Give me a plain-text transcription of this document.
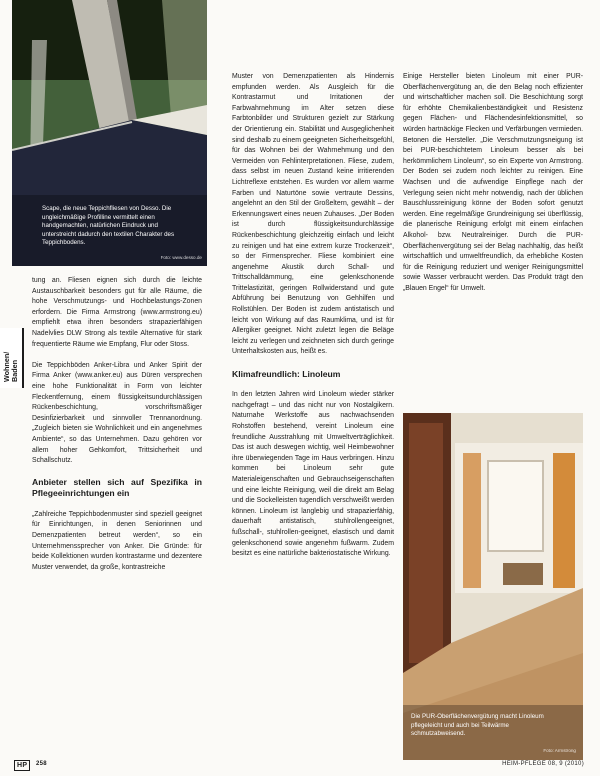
Scape, die neue Teppichfliesen von Desso. Die ungleichmäßige Profilline vermittelt einen handgemachten, natürlichen Eindruck und unterstreicht dadurch den textilen Charakter des Teppichbodens.
Foto: www.desso.de
Wohnen/
Baden

tung an. Fliesen eignen sich durch die leichte Austauschbarkeit besonders gut für alle Räume, die hohe Verschmutzungs- und Hochbelastungs-Zonen erfordern. Die Firma Armstrong (www.armstrong.eu) empfiehlt etwa ihren besonders strapazierfähigen Nadelvlies DLW Strong als textile Alternative für stark frequentierte Räume wie Empfang, Flur oder Stoss.

Die Teppichböden Anker-Libra und Anker Spirit der Firma Anker (www.anker.eu) aus Düren versprechen eine hohe Funktionalität in Form von leichter Fleckentfernung, einem flüssigkeitsundurchlässigen Rückenbeschichtung, vorschriftsmäßiger Desinfizierbarkeit und sinnvoller Trennanordnung. „Zugleich bieten sie Wohnlichkeit und ein angenehmes Ambiente“, so das Unternehmen. Dazu gehören vor allem hoher Gehkomfort, Trittsicherheit und Schallschutz.

Anbieter stellen sich auf Spezifika in Pflegeeinrichtungen ein

„Zahlreiche Teppichbodenmuster sind speziell geeignet für Einrichtungen, in denen Seniorinnen und Demenzpatienten betreut werden“, so ein Unternehmenssprecher von Anker. Die Gründe: für beide Kollektionen wurden kontrastarme und dezentere Muster verwendet, da große, kontrastreiche

Muster von Demenzpatienten als Hindernis empfunden werden. Als Ausgleich für die Kontrastarmut und Irritationen der Farbwahrnehmung im Alter setzen diese Farbtonbilder und Strukturen gezielt zur Stärkung der Orientierung ein. Stabilität und Ausgeglichenheit sind deshalb zu einem geeigneten Sicherheitsgefühl, für das Wohnen bei der Wahrnehmung und den Vermeiden von Fehlinterpretationen. Fliese, zudem, dass selbst im neuen Zustand keine irritierenden Lichtreflexe entstehen. Es wurden vor allem warme Farben und Naturtöne sowie vertraute Dessins, angelehnt an den Stil der Großeltern, gewählt – der Erkennungswert eines neuen Zuhauses. „Der Boden ist durch flüssigkeitsundurchlässige Rückenbeschichtung gleichzeitig einfach und leicht zu reinigen und hat eine extrem kurze Trockenzeit“, so der Firmensprecher. Fliese kombiniert eine angenehme Akustik durch Schall- und Trittschalldämmung, eine gelenkschonende Trittelastizität, geringen Rollwiderstand und gute Abführung bei Benutzung von Gehhilfen und Rollstühlen. Der Boden ist zudem antistatisch und leicht von Wirkung auf das Raumklima, und ist für Allergiker geeignet. Nicht zuletzt legen die Beläge leicht zu verlegen und zeichneten sich durch geringe Unterhaltskosten aus, heißt es.

Klimafreundlich: Linoleum

In den letzten Jahren wird Linoleum wieder stärker nachgefragt – und das nicht nur von Nostalgikern. Naturnahe Werkstoffe aus nachwachsenden Rohstoffen bestehend, vereint Linoleum eine freundliche Ausstrahlung mit Umweltverträglichkeit. Das ist auch deswegen wichtig, weil Heimbewohner ihre überwiegenden Tage im Haus verbringen. Hinzu kommen bei Linoleum sehr gute Materialeigenschaften und Gebrauchseigenschaften und eine leichte Reinigung, weil die direkt am Belag und die Sockelleisten tugendlich verschweißt werden können. Linoleum ist langlebig und strapazierfähig, dauerhaft antistatisch, stuhlrollengeeignet, fußschall-, stuhlrollen-geeignet, elastisch und damit gelenkschonend sowie angenehm fußwarm. Zudem besitzt es eine natürliche bakteriostatische Wirkung.

Einige Hersteller bieten Linoleum mit einer PUR-Oberflächenvergütung an, die den Belag noch effizienter und wirtschaftlicher machen soll. Die Beschichtung sorgt für erhöhte Chemikalienbeständigkeit und Resistenz gegen Flächen- und Flächendesinfektionsmittel, so würden hartnäckige Flecken und Verfärbungen vermieden. Betonen die Hersteller. „Die Verschmutzungsneigung ist bei PUR-beschichtetem Linoleum besser als bei herkömmlichem Linoleum“, so ein Experte von Armstrong. Der Boden sei zudem noch leichter zu reinigen. Eine Wachsen und die aufwendige Einpflege nach der Verlegung seien nicht mehr notwendig, nach der üblichen Bauschlussreinigung könne der Boden sofort genutzt werden. Eine regelmäßige Grundreinigung sei überflüssig, die planerische Reinigung erfolgt mit einem einfachen Alkohol- bzw. Neutralreiniger. Durch die PUR-Oberflächenvergütung sei der Belag nachhaltig, das heißt wirtschaftlich und umweltfreundlich, da erhebliche Kosten für die Reinigung reduziert und weniger Reinigungsmittel sowie Wasser verbraucht werden. Das Produkt trägt den „Blauen Engel“ für Umwelt.

Die PUR-Oberflächenvergütung macht Linoleum pflegeleicht und auch bei Teilwärme schmutzabweisend.
Foto: Armstrong
HP	258	HEIM-PFLEGE 08, 9 (2010)
